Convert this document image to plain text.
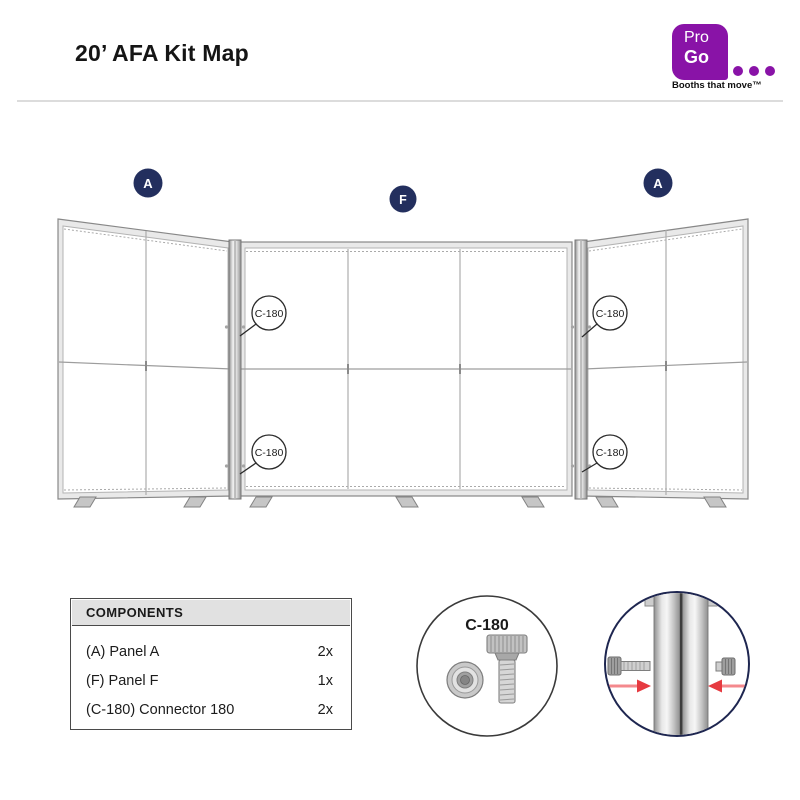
20’ AFA Kit Map
Pro
Go
Booths that move™
A
F
A
C-180
C-180
C-180
C-180
C-180
COMPONENTS
(A) Panel A	2x
(F) Panel F	1x
(C-180) Connector 180	2x
